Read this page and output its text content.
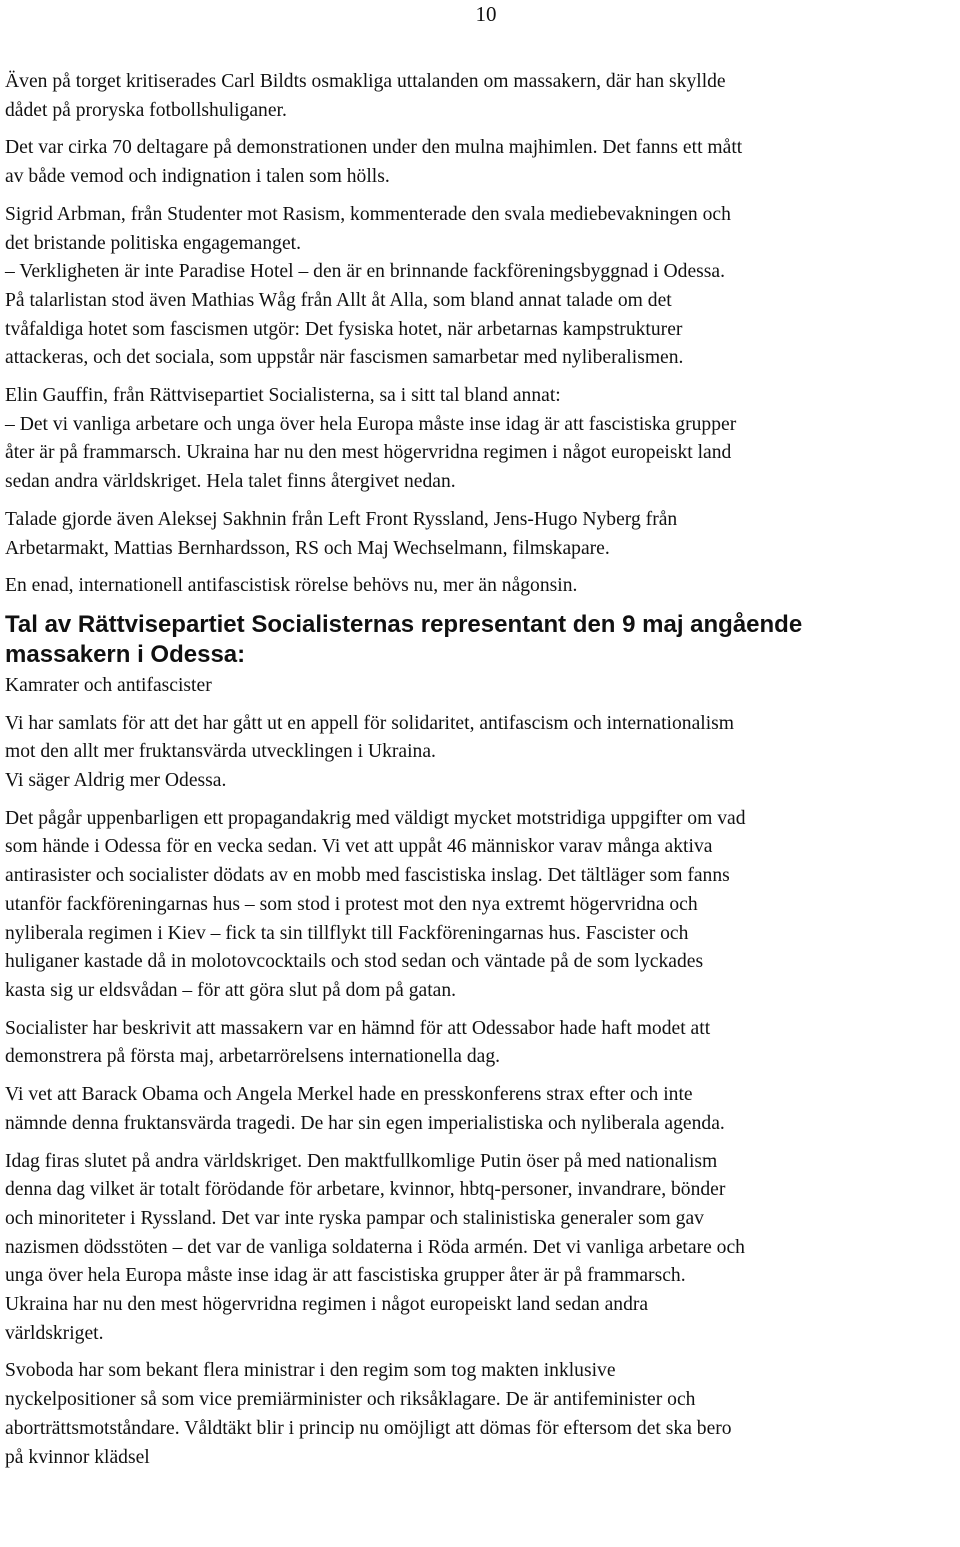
10
Även på torget kritiserades Carl Bildts osmakliga uttalanden om massakern, där han skyllde
dådet på proryska fotbollshuliganer.
Det var cirka 70 deltagare på demonstrationen under den mulna majhimlen. Det fanns ett mått
av både vemod och indignation i talen som hölls.
Sigrid Arbman, från Studenter mot Rasism, kommenterade den svala mediebevakningen och
det bristande politiska engagemanget.
– Verkligheten är inte Paradise Hotel – den är en brinnande fackföreningsbyggnad i Odessa.
På talarlistan stod även Mathias Wåg från Allt åt Alla, som bland annat talade om det
tvåfaldiga hotet som fascismen utgör: Det fysiska hotet, när arbetarnas kampstrukturer
attackeras, och det sociala, som uppstår när fascismen samarbetar med nyliberalismen.
Elin Gauffin, från Rättvisepartiet Socialisterna, sa i sitt tal bland annat:
– Det vi vanliga arbetare och unga över hela Europa måste inse idag är att fascistiska grupper
åter är på frammarsch. Ukraina har nu den mest högervridna regimen i något europeiskt land
sedan andra världskriget. Hela talet finns återgivet nedan.
Talade gjorde även Aleksej Sakhnin från Left Front Ryssland, Jens-Hugo Nyberg från
Arbetarmakt, Mattias Bernhardsson, RS och Maj Wechselmann, filmskapare.
En enad, internationell antifascistisk rörelse behövs nu, mer än någonsin.
Tal av Rättvisepartiet Socialisternas representant den 9 maj angående
massakern i Odessa:
Kamrater och antifascister
Vi har samlats för att det har gått ut en appell för solidaritet, antifascism och internationalism
mot den allt mer fruktansvärda utvecklingen i Ukraina.
Vi säger Aldrig mer Odessa.
Det pågår uppenbarligen ett propagandakrig med väldigt mycket motstridiga uppgifter om vad
som hände i Odessa för en vecka sedan. Vi vet att uppåt 46 människor varav många aktiva
antirasister och socialister dödats av en mobb med fascistiska inslag. Det tältläger som fanns
utanför fackföreningarnas hus – som stod i protest mot den nya extremt högervridna och
nyliberala regimen i Kiev – fick ta sin tillflykt till Fackföreningarnas hus. Fascister och
huliganer kastade då in molotovcocktails och stod sedan och väntade på de som lyckades
kasta sig ur eldsvådan – för att göra slut på dom på gatan.
Socialister har beskrivit att massakern var en hämnd för att Odessabor hade haft modet att
demonstrera på första maj, arbetarrörelsens internationella dag.
Vi vet att Barack Obama och Angela Merkel hade en presskonferens strax efter och inte
nämnde denna fruktansvärda tragedi. De har sin egen imperialistiska och nyliberala agenda.
Idag firas slutet på andra världskriget. Den maktfullkomlige Putin öser på med nationalism
denna dag vilket är totalt förödande för arbetare, kvinnor, hbtq-personer, invandrare, bönder
och minoriteter i Ryssland. Det var inte ryska pampar och stalinistiska generaler som gav
nazismen dödsstöten – det var de vanliga soldaterna i Röda armén. Det vi vanliga arbetare och
unga över hela Europa måste inse idag är att fascistiska grupper åter är på frammarsch.
Ukraina har nu den mest högervridna regimen i något europeiskt land sedan andra
världskriget.
Svoboda har som bekant flera ministrar i den regim som tog makten inklusive
nyckelpositioner så som vice premiärminister och riksåklagare. De är antifeminister och
aborträttsmotståndare. Våldtäkt blir i princip nu omöjligt att dömas för eftersom det ska bero
på kvinnor klädsel
